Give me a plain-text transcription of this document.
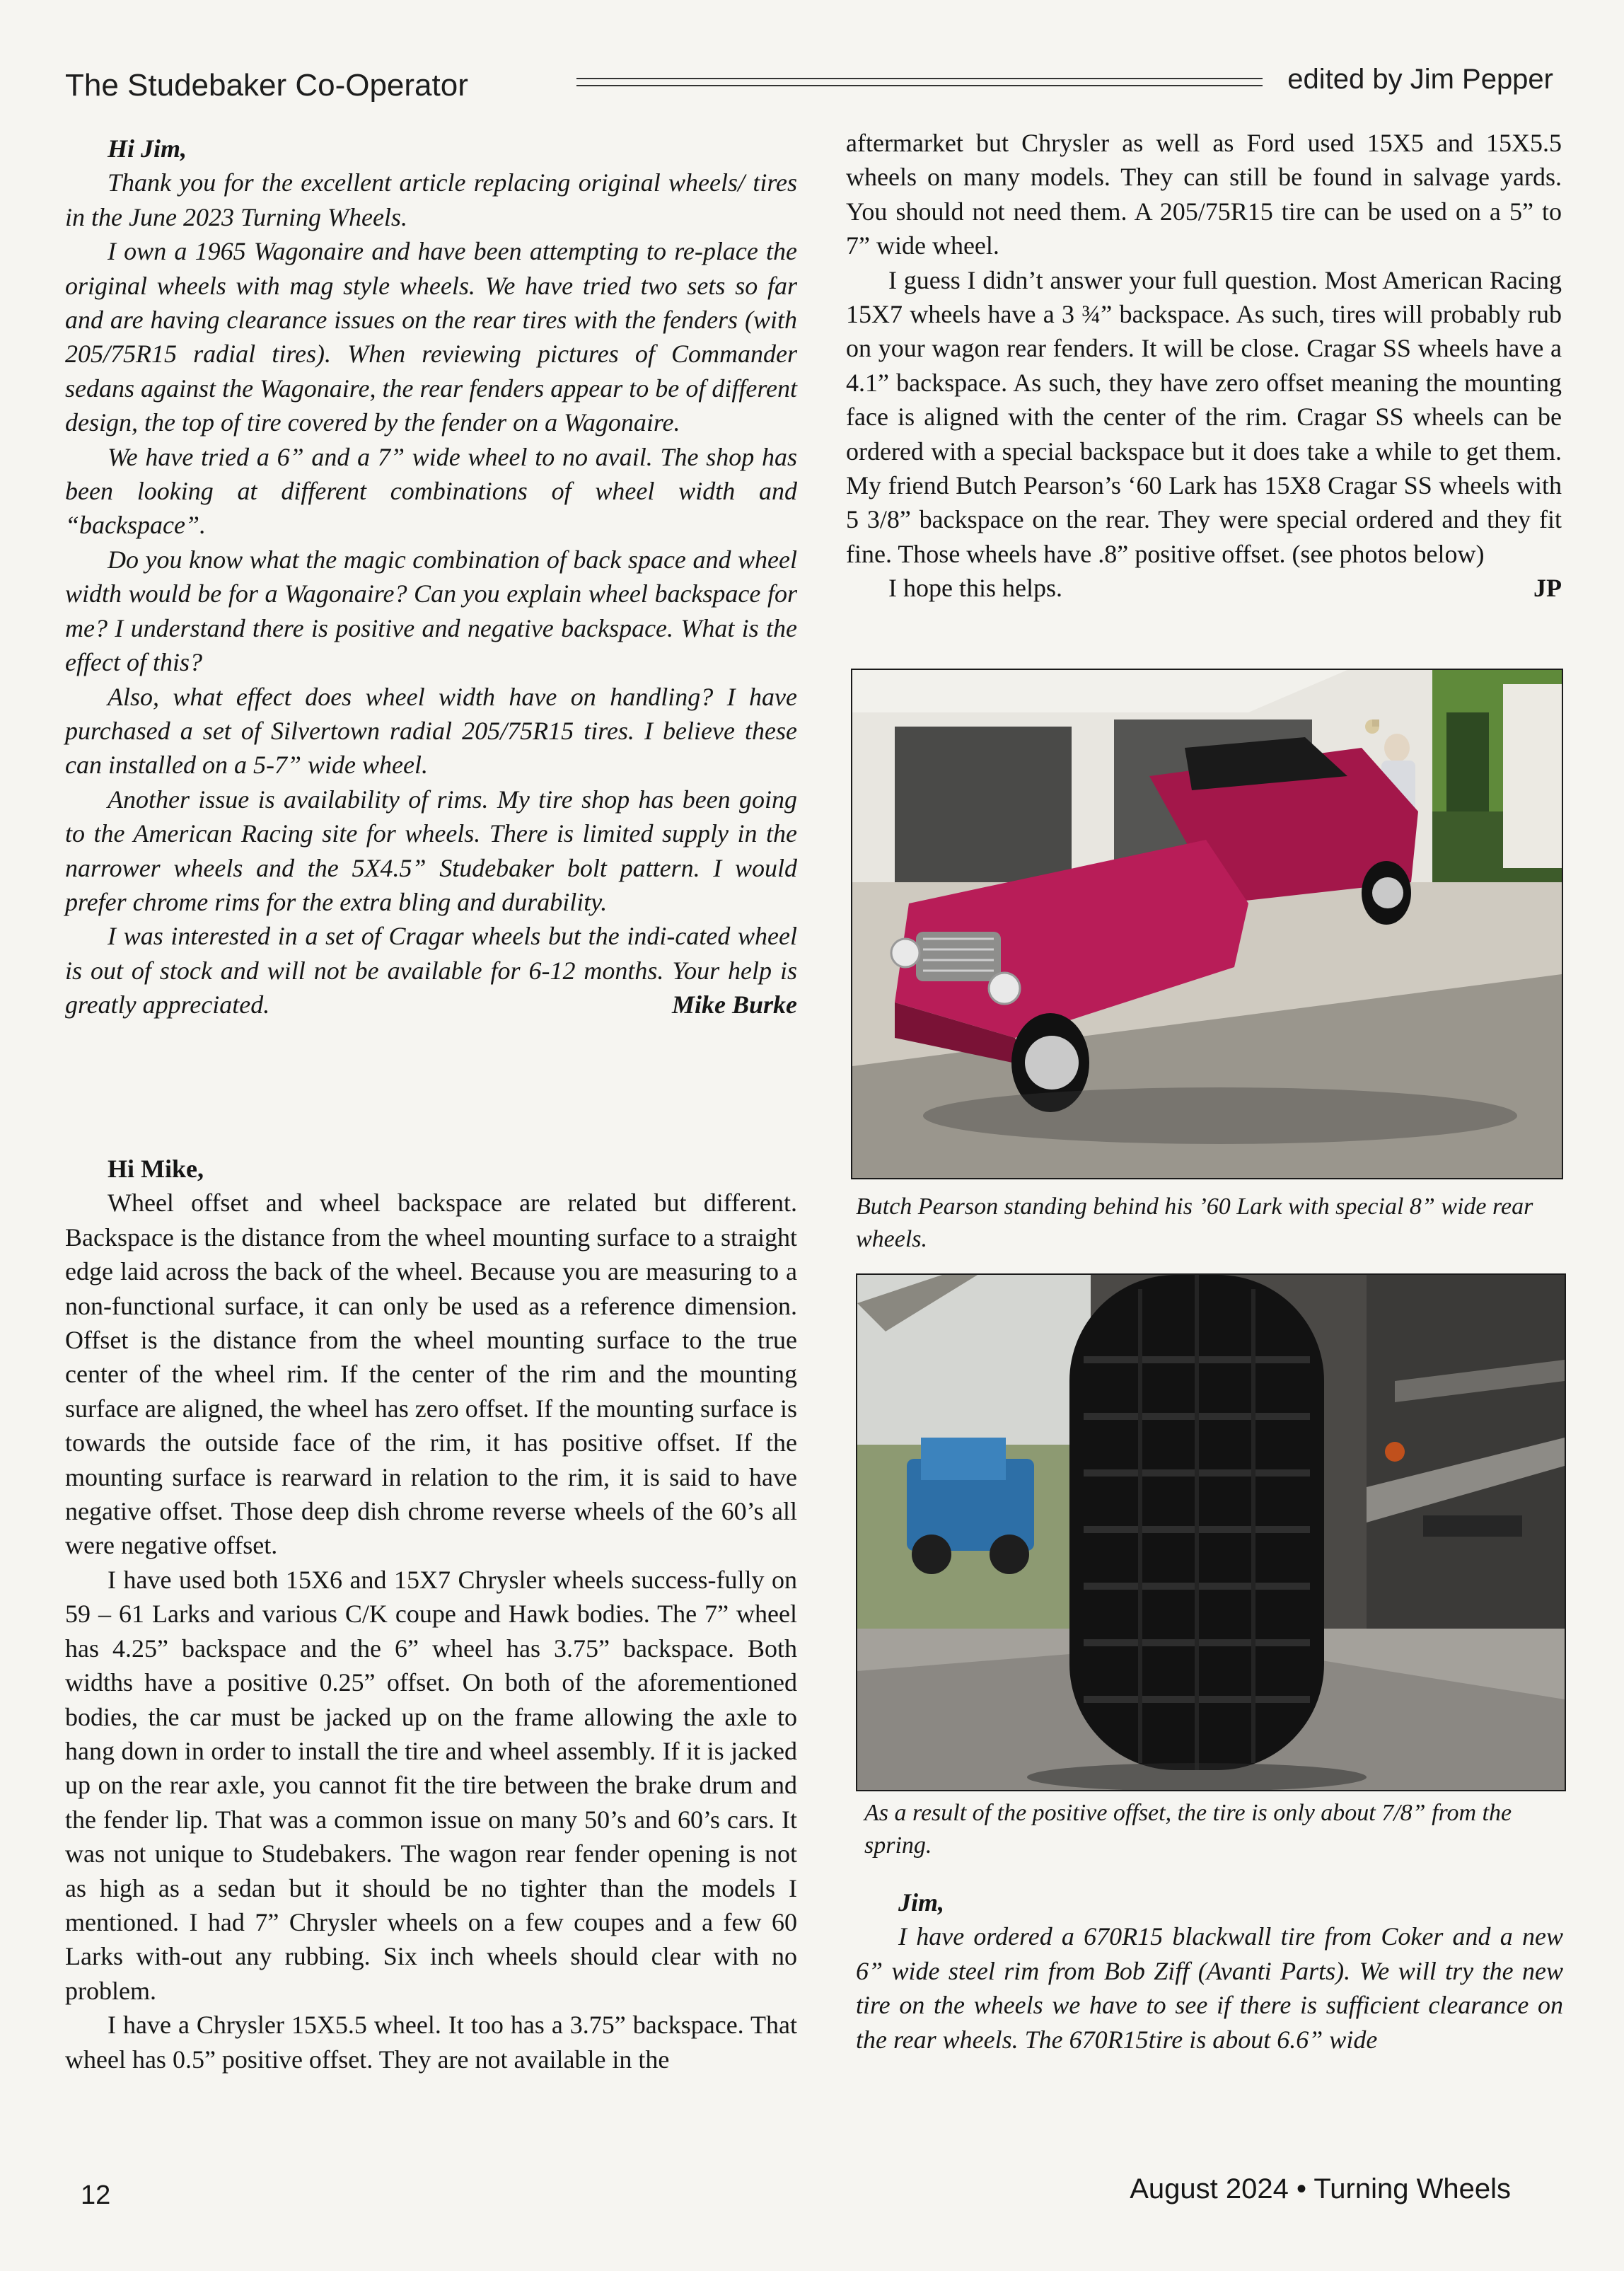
The Studebaker Co-Operator	edited by Jim Pepper

Hi Jim,

Thank you for the excellent article replacing original wheels/ tires in the June 2023 Turning Wheels.

I own a 1965 Wagonaire and have been attempting to re-place the original wheels with mag style wheels. We have tried two sets so far and are having clearance issues on the rear tires with the fenders (with 205/75R15 radial tires). When reviewing pictures of Commander sedans against the Wagonaire, the rear fenders appear to be of different design, the top of tire covered by the fender on a Wagonaire.

We have tried a 6” and a 7” wide wheel to no avail. The shop has been looking at different combinations of wheel width and “backspace”.

Do you know what the magic combination of back space and wheel width would be for a Wagonaire? Can you explain wheel backspace for me? I understand there is positive and negative backspace. What is the effect of this?

Also, what effect does wheel width have on handling? I have purchased a set of Silvertown radial 205/75R15 tires. I believe these can installed on a 5-7” wide wheel.

Another issue is availability of rims. My tire shop has been going to the American Racing site for wheels. There is limited supply in the narrower wheels and the 5X4.5” Studebaker bolt pattern. I would prefer chrome rims for the extra bling and durability.

I was interested in a set of Cragar wheels but the indi-cated wheel is out of stock and will not be available for 6-12 months. Your help is greatly appreciated.	Mike Burke

Hi Mike,

Wheel offset and wheel backspace are related but different. Backspace is the distance from the wheel mounting surface to a straight edge laid across the back of the wheel. Because you are measuring to a non-functional surface, it can only be used as a reference dimension. Offset is the distance from the wheel mounting surface to the true center of the wheel rim. If the center of the rim and the mounting surface are aligned, the wheel has zero offset. If the mounting surface is towards the outside face of the rim, it has positive offset. If the mounting surface is rearward in relation to the rim, it is said to have negative offset. Those deep dish chrome reverse wheels of the 60’s all were negative offset.

I have used both 15X6 and 15X7 Chrysler wheels success-fully on 59 – 61 Larks and various C/K coupe and Hawk bodies. The 7” wheel has 4.25” backspace and the 6” wheel has 3.75” backspace. Both widths have a positive 0.25” offset. On both of the aforementioned bodies, the car must be jacked up on the frame allowing the axle to hang down in order to install the tire and wheel assembly. If it is jacked up on the rear axle, you cannot fit the tire between the brake drum and the fender lip. That was a common issue on many 50’s and 60’s cars. It was not unique to Studebakers. The wagon rear fender opening is not as high as a sedan but it should be no tighter than the models I mentioned. I had 7” Chrysler wheels on a few coupes and a few 60 Larks with-out any rubbing. Six inch wheels should clear with no problem.

I have a Chrysler 15X5.5 wheel. It too has a 3.75” backspace. That wheel has 0.5” positive offset. They are not available in the

aftermarket but Chrysler as well as Ford used 15X5 and 15X5.5 wheels on many models. They can still be found in salvage yards. You should not need them. A 205/75R15 tire can be used on a 5” to 7” wide wheel.

I guess I didn’t answer your full question. Most American Racing 15X7 wheels have a 3 ¾” backspace. As such, tires will probably rub on your wagon rear fenders. It will be close. Cragar SS wheels have a 4.1” backspace. As such, they have zero offset meaning the mounting face is aligned with the center of the rim. Cragar SS wheels can be ordered with a special backspace but it does take a while to get them. My friend Butch Pearson’s ‘60 Lark has 15X8 Cragar SS wheels with 5 3/8” backspace on the rear. They were special ordered and they fit fine. Those wheels have .8” positive offset. (see photos below)

I hope this helps.	JP

Butch Pearson standing behind his ’60 Lark with special 8” wide rear wheels.
As a result of the positive offset, the tire is only about 7/8” from the spring.

Jim,

I have ordered a 670R15 blackwall tire from Coker and a new 6” wide steel rim from Bob Ziff (Avanti Parts). We will try the new tire on the wheels we have to see if there is sufficient clearance on the rear wheels. The 670R15tire is about 6.6” wide

12	August 2024 • Turning Wheels
